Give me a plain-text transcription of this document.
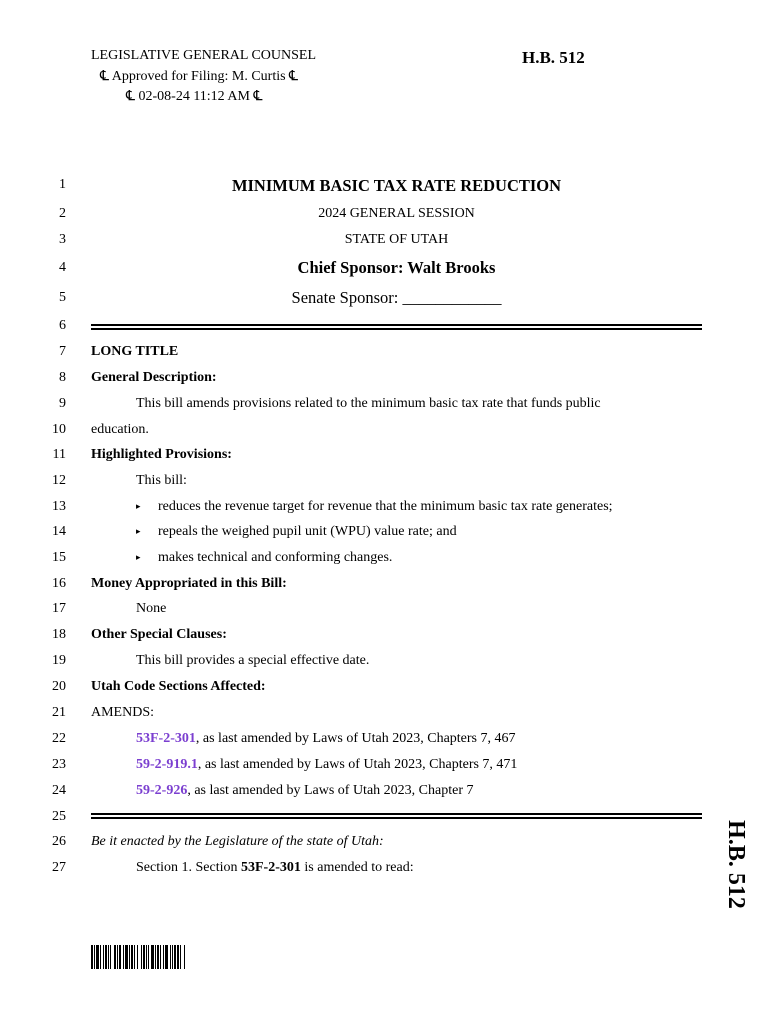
LEGISLATIVE GENERAL COUNSEL
℄ Approved for Filing: M. Curtis ℄
℄ 02-08-24 11:12 AM ℄
H.B. 512
1
2
3
4
5
6
7
8
9
10
11
12
13
14
15
16
17
18
19
20
21
22
23
24
25
26
27
MINIMUM BASIC TAX RATE REDUCTION
2024 GENERAL SESSION
STATE OF UTAH
Chief Sponsor: Walt Brooks
Senate Sponsor: ____________
LONG TITLE
General Description:
This bill amends provisions related to the minimum basic tax rate that funds public
education.
Highlighted Provisions:
This bill:
▸ reduces the revenue target for revenue that the minimum basic tax rate generates;
▸ repeals the weighed pupil unit (WPU) value rate; and
▸ makes technical and conforming changes.
Money Appropriated in this Bill:
None
Other Special Clauses:
This bill provides a special effective date.
Utah Code Sections Affected:
AMENDS:
53F-2-301, as last amended by Laws of Utah 2023, Chapters 7, 467
59-2-919.1, as last amended by Laws of Utah 2023, Chapters 7, 471
59-2-926, as last amended by Laws of Utah 2023, Chapter 7
Be it enacted by the Legislature of the state of Utah:
Section 1. Section 53F-2-301 is amended to read:	H.B. 512
